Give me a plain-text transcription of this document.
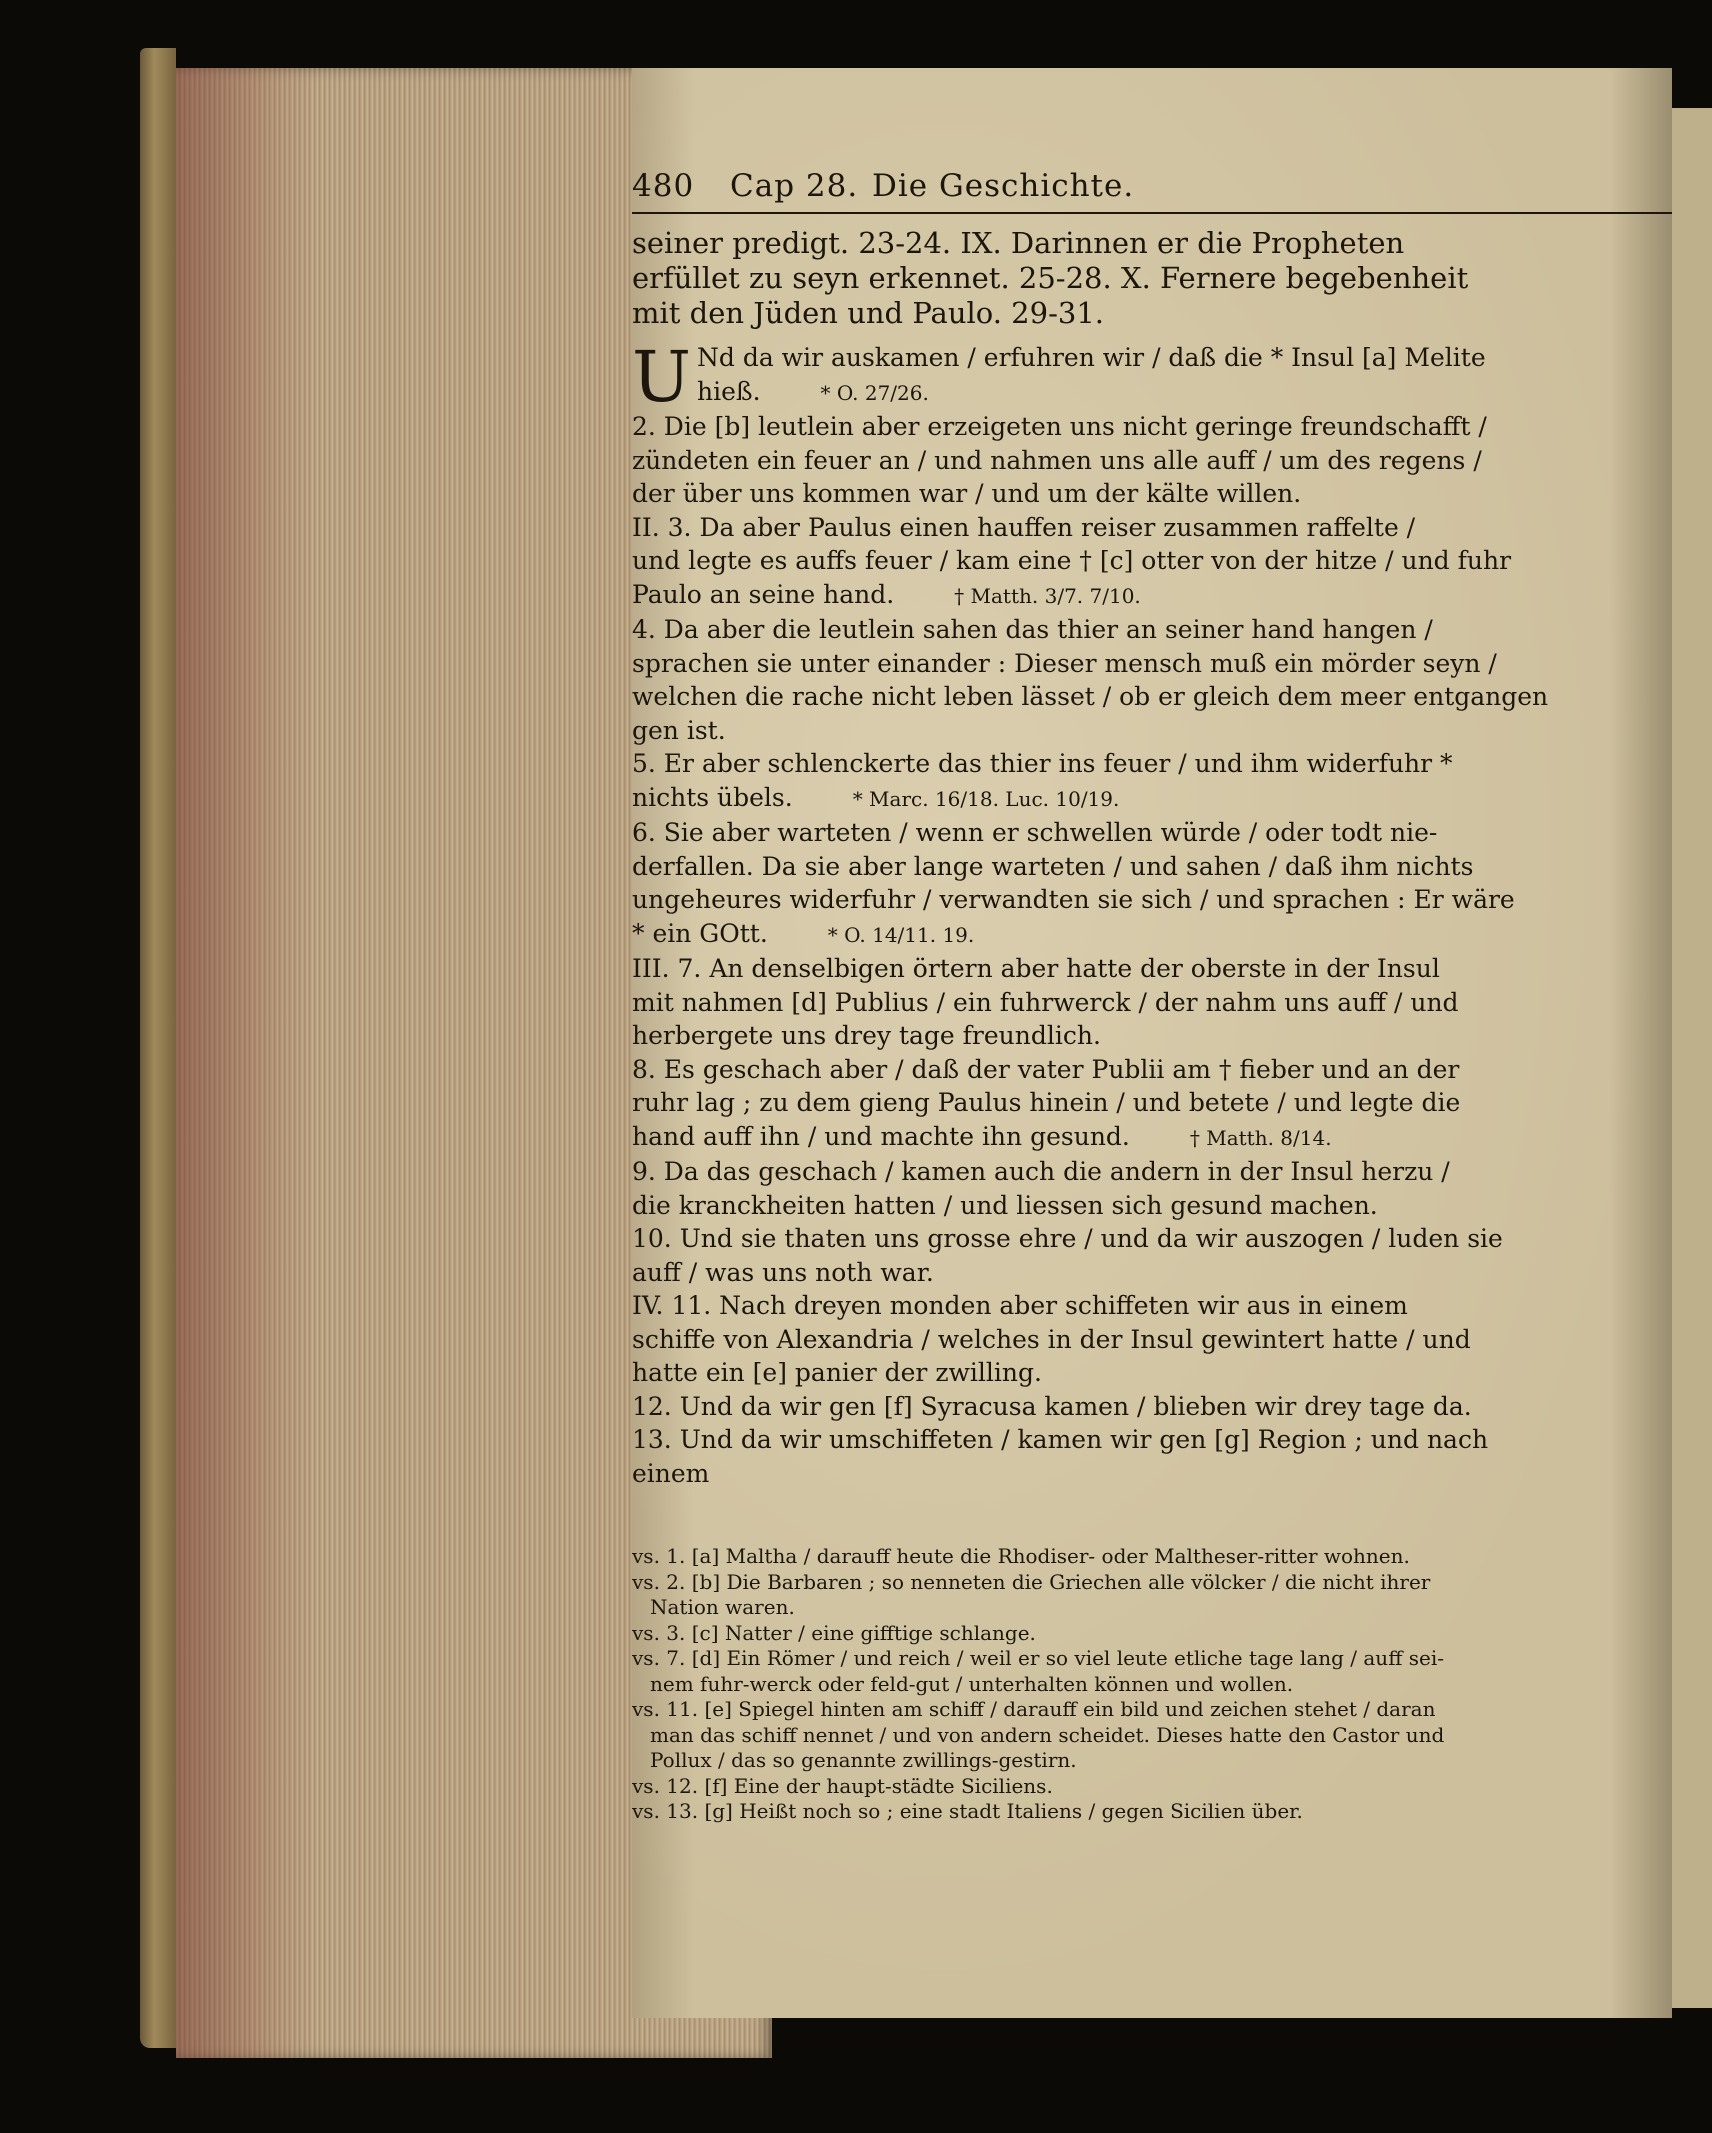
480 Cap 28. Die Geschichte.
seiner predigt. 23-24. IX. Darinnen er die Propheten
erfüllet zu seyn erkennet. 25-28. X. Fernere begebenheit
mit den Jüden und Paulo. 29-31.
U Nd da wir auskamen / erfuhren wir / daß die * Insul [a] Melite
hieß.	* O. 27/26.
2. Die [b] leutlein aber erzeigeten uns nicht geringe freundschafft /
zündeten ein feuer an / und nahmen uns alle auff / um des regens /
der über uns kommen war / und um der kälte willen.
II. 3. Da aber Paulus einen hauffen reiser zusammen raffelte /
und legte es auffs feuer / kam eine † [c] otter von der hitze / und fuhr
Paulo an seine hand.	† Matth. 3/7. 7/10.
4. Da aber die leutlein sahen das thier an seiner hand hangen /
sprachen sie unter einander : Dieser mensch muß ein mörder seyn /
welchen die rache nicht leben lässet / ob er gleich dem meer entgangen
gen ist.
5. Er aber schlenckerte das thier ins feuer / und ihm widerfuhr *
nichts übels.	* Marc. 16/18. Luc. 10/19.
6. Sie aber warteten / wenn er schwellen würde / oder todt nie-
derfallen. Da sie aber lange warteten / und sahen / daß ihm nichts
ungeheures widerfuhr / verwandten sie sich / und sprachen : Er wäre
* ein GOtt.	* O. 14/11. 19.
III. 7. An denselbigen örtern aber hatte der oberste in der Insul
mit nahmen [d] Publius / ein fuhrwerck / der nahm uns auff / und
herbergete uns drey tage freundlich.
8. Es geschach aber / daß der vater Publii am † fieber und an der
ruhr lag ; zu dem gieng Paulus hinein / und betete / und legte die
hand auff ihn / und machte ihn gesund.	† Matth. 8/14.
9. Da das geschach / kamen auch die andern in der Insul herzu /
die kranckheiten hatten / und liessen sich gesund machen.
10. Und sie thaten uns grosse ehre / und da wir auszogen / luden sie
auff / was uns noth war.
IV. 11. Nach dreyen monden aber schiffeten wir aus in einem
schiffe von Alexandria / welches in der Insul gewintert hatte / und
hatte ein [e] panier der zwilling.
12. Und da wir gen [f] Syracusa kamen / blieben wir drey tage da.
13. Und da wir umschiffeten / kamen wir gen [g] Region ; und nach
einem
vs. 1. [a] Maltha / darauff heute die Rhodiser- oder Maltheser-ritter wohnen.
vs. 2. [b] Die Barbaren ; so nenneten die Griechen alle völcker / die nicht ihrer
Nation waren.
vs. 3. [c] Natter / eine gifftige schlange.
vs. 7. [d] Ein Römer / und reich / weil er so viel leute etliche tage lang / auff sei-
nem fuhr-werck oder feld-gut / unterhalten können und wollen.
vs. 11. [e] Spiegel hinten am schiff / darauff ein bild und zeichen stehet / daran
man das schiff nennet / und von andern scheidet. Dieses hatte den Castor und
Pollux / das so genannte zwillings-gestirn.
vs. 12. [f] Eine der haupt-städte Siciliens.
vs. 13. [g] Heißt noch so ; eine stadt Italiens / gegen Sicilien über.
